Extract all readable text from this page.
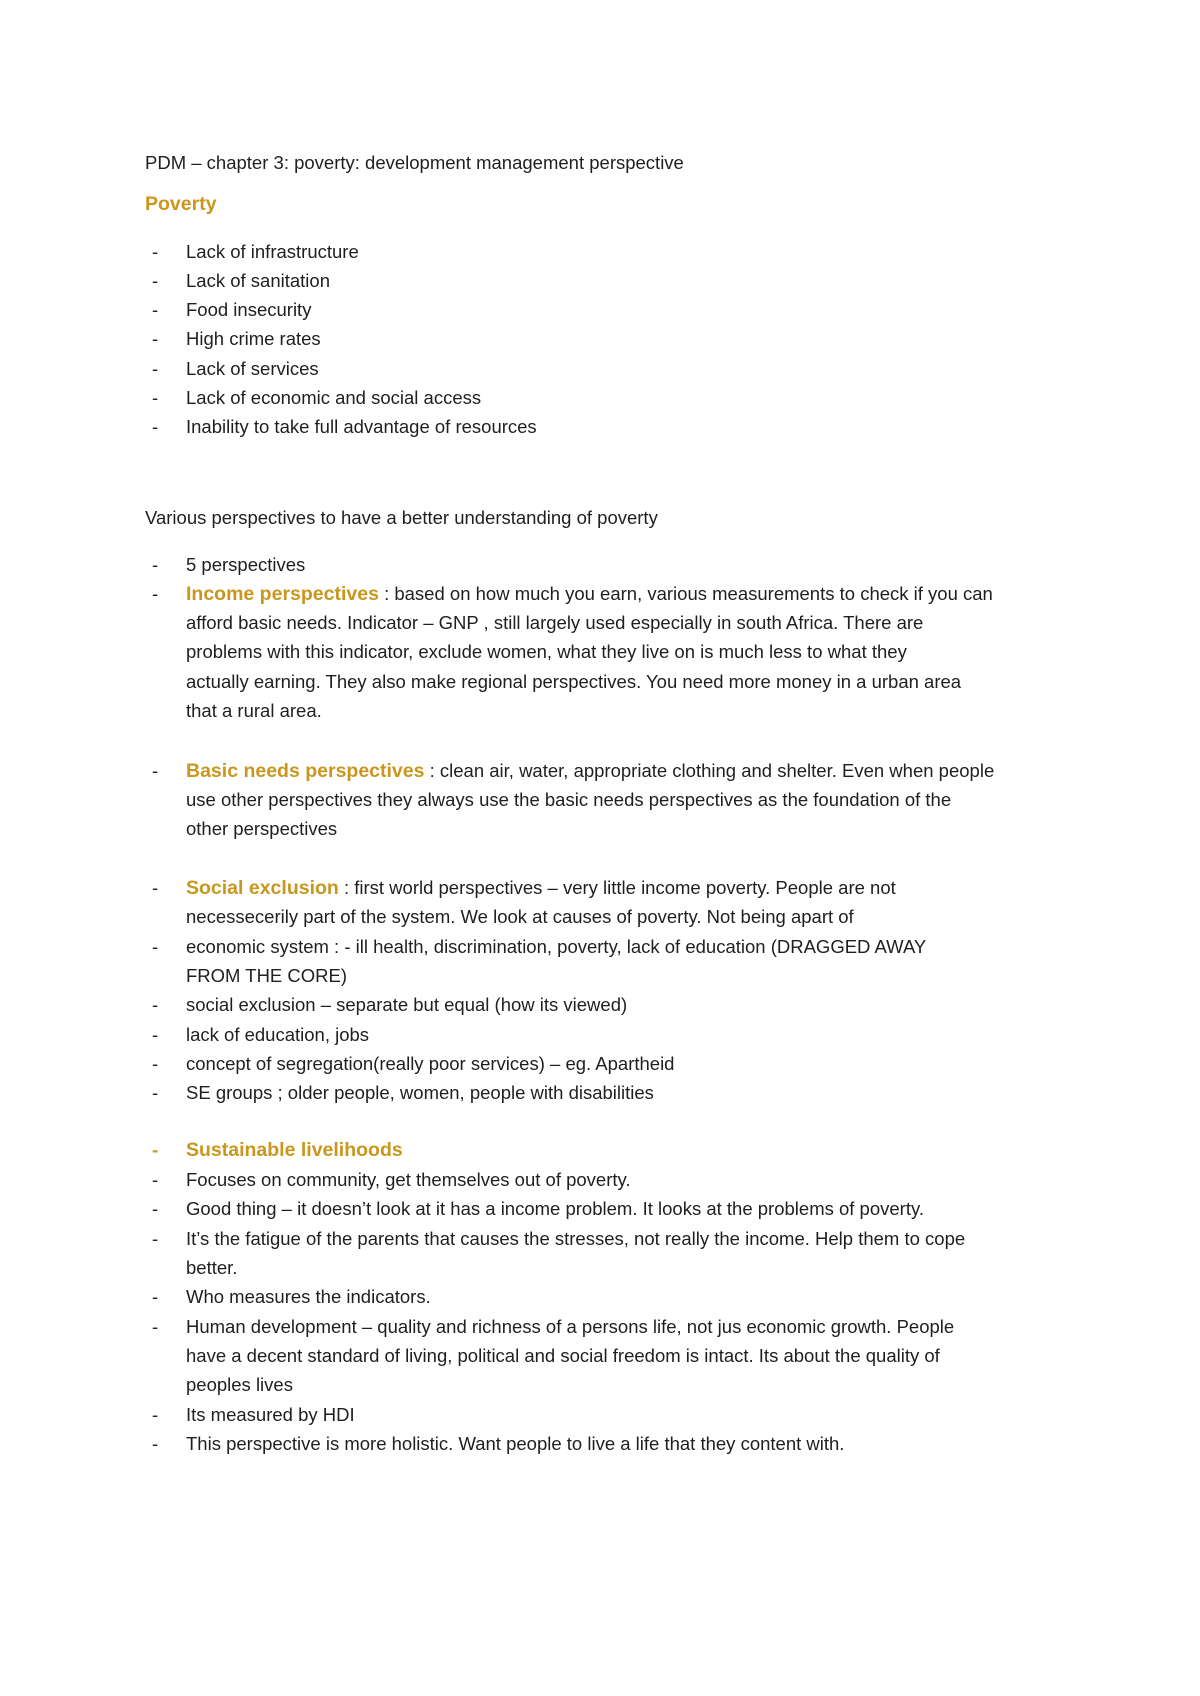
PDM – chapter 3: poverty: development management perspective
Poverty
- Lack of infrastructure
- Lack of sanitation
- Food insecurity
- High crime rates
- Lack of services
- Lack of economic and social access
- Inability to take full advantage of resources
Various perspectives to have a better understanding of poverty
- 5 perspectives
- Income perspectives : based on how much you earn, various measurements to check if you can
afford basic needs. Indicator – GNP , still largely used especially in south Africa. There are
problems with this indicator, exclude women, what they live on is much less to what they
actually earning. They also make regional perspectives. You need more money in a urban area
that a rural area.
- Basic needs perspectives : clean air, water, appropriate clothing and shelter. Even when people
use other perspectives they always use the basic needs perspectives as the foundation of the
other perspectives
- Social exclusion : first world perspectives – very little income poverty. People are not
necessecerily part of the system. We look at causes of poverty. Not being apart of
- economic system : - ill health, discrimination, poverty, lack of education (DRAGGED AWAY
FROM THE CORE)
- social exclusion – separate but equal (how its viewed)
- lack of education, jobs
- concept of segregation(really poor services) – eg. Apartheid
- SE groups ; older people, women, people with disabilities
- Sustainable livelihoods
- Focuses on community, get themselves out of poverty.
- Good thing – it doesn’t look at it has a income problem. It looks at the problems of poverty.
- It’s the fatigue of the parents that causes the stresses, not really the income. Help them to cope
better.
- Who measures the indicators.
- Human development – quality and richness of a persons life, not jus economic growth. People
have a decent standard of living, political and social freedom is intact. Its about the quality of
peoples lives
- Its measured by HDI
- This perspective is more holistic. Want people to live a life that they content with.
